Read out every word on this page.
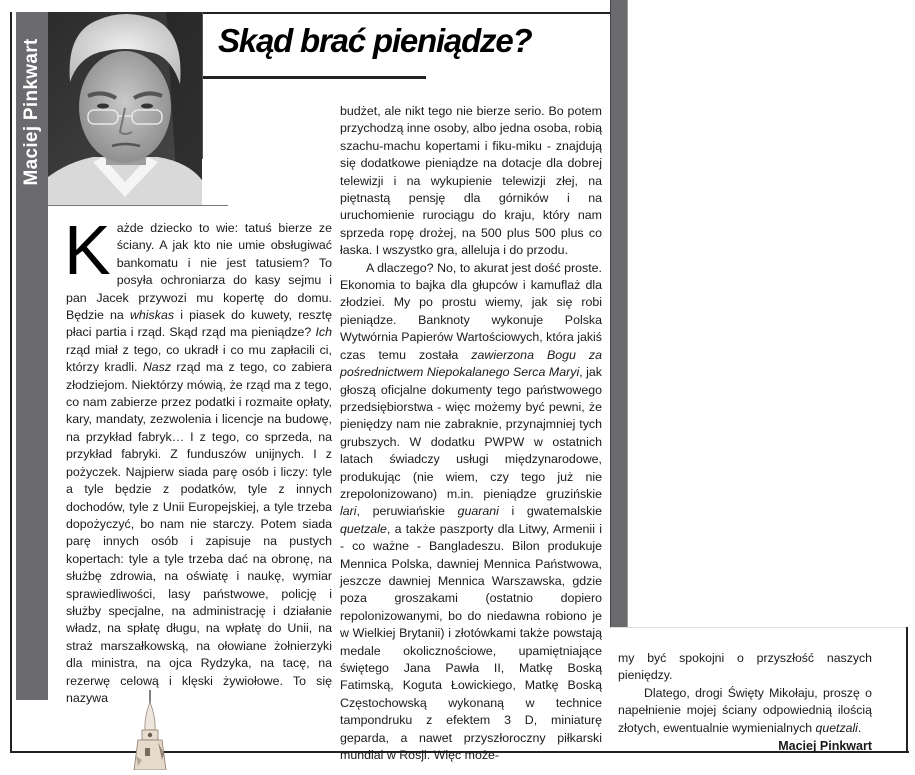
Maciej Pinkwart	Skąd brać pieniądze?
K ażde dziecko to wie: tatuś bierze ze ściany. A jak kto nie umie obsługiwać bankomatu i nie jest tatusiem? To posyła ochroniarza do kasy sejmu i pan Jacek przywozi mu kopertę do domu. Będzie na whiskas i piasek do kuwety, resztę płaci partia i rząd. Skąd rząd ma pieniądze? Ich rząd miał z tego, co ukradł i co mu zapłacili ci, którzy kradli. Nasz rząd ma z tego, co zabiera złodziejom. Niektórzy mówią, że rząd ma z tego, co nam zabierze przez podatki i rozmaite opłaty, kary, mandaty, zezwolenia i licencje na budowę, na przykład fabryk… I z tego, co sprzeda, na przykład fabryki. Z funduszów unijnych. I z pożyczek. Najpierw siada parę osób i liczy: tyle a tyle będzie z podatków, tyle z innych dochodów, tyle z Unii Europejskiej, a tyle trzeba dopożyczyć, bo nam nie starczy. Potem siada parę innych osób i zapisuje na pustych kopertach: tyle a tyle trzeba dać na obronę, na służbę zdrowia, na oświatę i naukę, wymiar sprawiedliwości, lasy państwowe, policję i służby specjalne, na administrację i działanie władz, na spłatę długu, na wpłatę do Unii, na straż marszałkowską, na ołowiane żołnierzyki dla ministra, na ojca Rydzyka, na tacę, na rezerwę celową i klęski żywiołowe. To się nazywa

budżet, ale nikt tego nie bierze serio. Bo potem przychodzą inne osoby, albo jedna osoba, robią szachu-machu kopertami i fiku-miku - znajdują się dodatkowe pieniądze na dotacje dla dobrej telewizji i na wykupienie telewizji złej, na piętnastą pensję dla górników i na uruchomienie rurociągu do kraju, który nam sprzeda ropę drożej, na 500 plus 500 plus co łaska. I wszystko gra, alleluja i do przodu.

A dlaczego? No, to akurat jest dość proste. Ekonomia to bajka dla głupców i kamuflaż dla złodziei. My po prostu wiemy, jak się robi pieniądze. Banknoty wykonuje Polska Wytwórnia Papierów Wartościowych, która jakiś czas temu została zawierzona Bogu za pośrednictwem Niepokalanego Serca Maryi, jak głoszą oficjalne dokumenty tego państwowego przedsiębiorstwa - więc możemy być pewni, że pieniędzy nam nie zabraknie, przynajmniej tych grubszych. W dodatku PWPW w ostatnich latach świadczy usługi międzynarodowe, produkując (nie wiem, czy tego już nie zrepolonizowano) m.in. pieniądze gruzińskie lari, peruwiańskie guarani i gwatemalskie quetzale, a także paszporty dla Litwy, Armenii i - co ważne - Bangladeszu. Bilon produkuje Mennica Polska, dawniej Mennica Państwowa, jeszcze dawniej Mennica Warszawska, gdzie poza groszakami (ostatnio dopiero repolonizowanymi, bo do niedawna robiono je w Wielkiej Brytanii) i złotówkami także powstają medale okolicznościowe, upamiętniające świętego Jana Pawła II, Matkę Boską Fatimską, Koguta Łowickiego, Matkę Boską Częstochowską wykonaną w technice tampondruku z efektem 3 D, miniaturę geparda, a nawet przyszłoroczny piłkarski mundial w Rosji. Więc może-

my być spokojni o przyszłość naszych pieniędzy.

Dlatego, drogi Święty Mikołaju, proszę o napełnienie mojej ściany odpowiednią ilością złotych, ewentualnie wymienialnych quetzali.

Maciej Pinkwart
